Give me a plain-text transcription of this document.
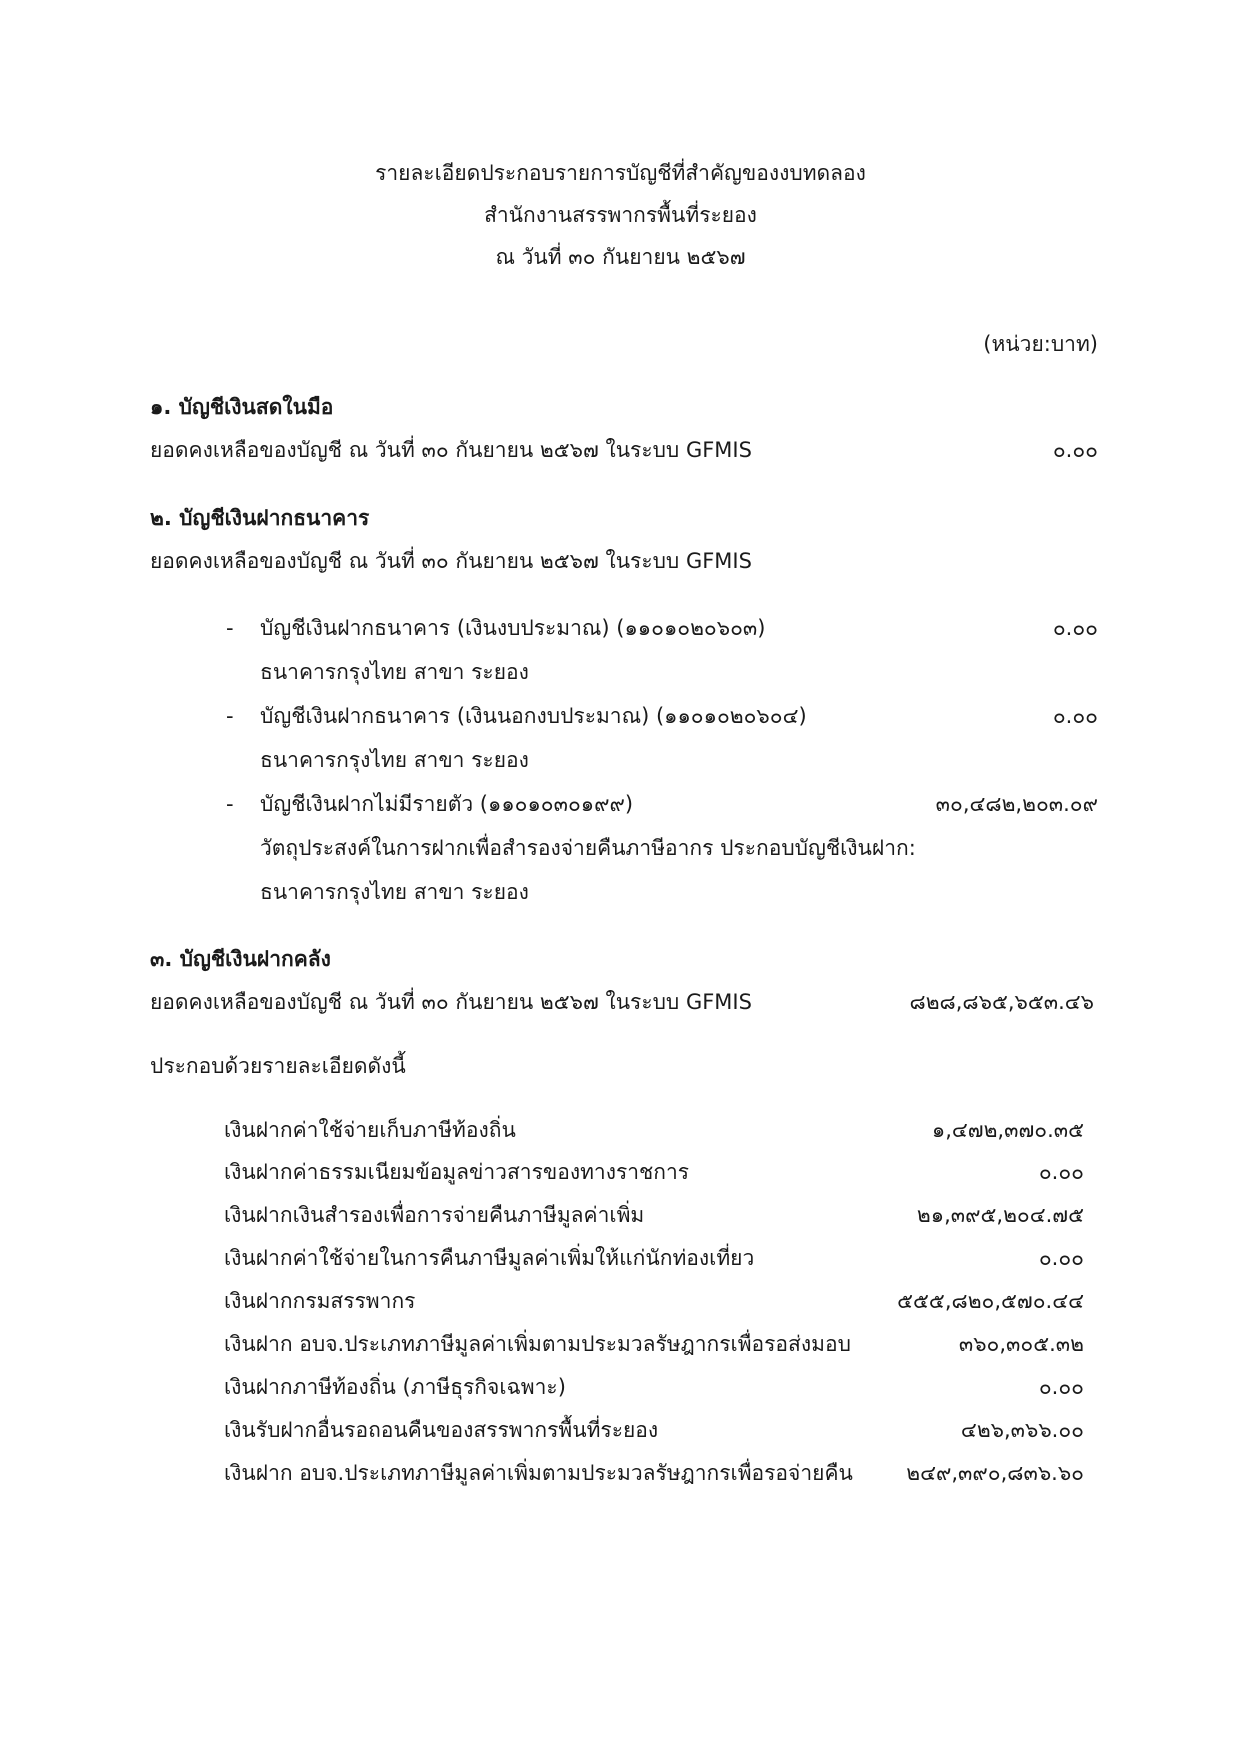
รายละเอียดประกอบรายการบัญชีที่สำคัญของงบทดลอง
สำนักงานสรรพากรพื้นที่ระยอง
ณ วันที่ ๓๐ กันยายน ๒๕๖๗
(หน่วย:บาท)
๑. บัญชีเงินสดในมือ
ยอดคงเหลือของบัญชี ณ วันที่ ๓๐ กันยายน ๒๕๖๗ ในระบบ GFMIS	๐.๐๐
๒. บัญชีเงินฝากธนาคาร
ยอดคงเหลือของบัญชี ณ วันที่ ๓๐ กันยายน ๒๕๖๗ ในระบบ GFMIS
- บัญชีเงินฝากธนาคาร (เงินงบประมาณ) (๑๑๐๑๐๒๐๖๐๓)	๐.๐๐
ธนาคารกรุงไทย สาขา ระยอง
- บัญชีเงินฝากธนาคาร (เงินนอกงบประมาณ) (๑๑๐๑๐๒๐๖๐๔)	๐.๐๐
ธนาคารกรุงไทย สาขา ระยอง
- บัญชีเงินฝากไม่มีรายตัว (๑๑๐๑๐๓๐๑๙๙)	๓๐,๔๘๒,๒๐๓.๐๙
วัตถุประสงค์ในการฝากเพื่อสำรองจ่ายคืนภาษีอากร ประกอบบัญชีเงินฝาก:
ธนาคารกรุงไทย สาขา ระยอง
๓. บัญชีเงินฝากคลัง
ยอดคงเหลือของบัญชี ณ วันที่ ๓๐ กันยายน ๒๕๖๗ ในระบบ GFMIS	๘๒๘,๘๖๕,๖๕๓.๔๖
ประกอบด้วยรายละเอียดดังนี้
เงินฝากค่าใช้จ่ายเก็บภาษีท้องถิ่น	๑,๔๗๒,๓๗๐.๓๕
เงินฝากค่าธรรมเนียมข้อมูลข่าวสารของทางราชการ	๐.๐๐
เงินฝากเงินสำรองเพื่อการจ่ายคืนภาษีมูลค่าเพิ่ม	๒๑,๓๙๕,๒๐๔.๗๕
เงินฝากค่าใช้จ่ายในการคืนภาษีมูลค่าเพิ่มให้แก่นักท่องเที่ยว	๐.๐๐
เงินฝากกรมสรรพากร	๕๕๕,๘๒๐,๕๗๐.๔๔
เงินฝาก อบจ.ประเภทภาษีมูลค่าเพิ่มตามประมวลรัษฎากรเพื่อรอส่งมอบ	๓๖๐,๓๐๕.๓๒
เงินฝากภาษีท้องถิ่น (ภาษีธุรกิจเฉพาะ)	๐.๐๐
เงินรับฝากอื่นรอถอนคืนของสรรพากรพื้นที่ระยอง	๔๒๖,๓๖๖.๐๐
เงินฝาก อบจ.ประเภทภาษีมูลค่าเพิ่มตามประมวลรัษฎากรเพื่อรอจ่ายคืน	๒๔๙,๓๙๐,๘๓๖.๖๐
